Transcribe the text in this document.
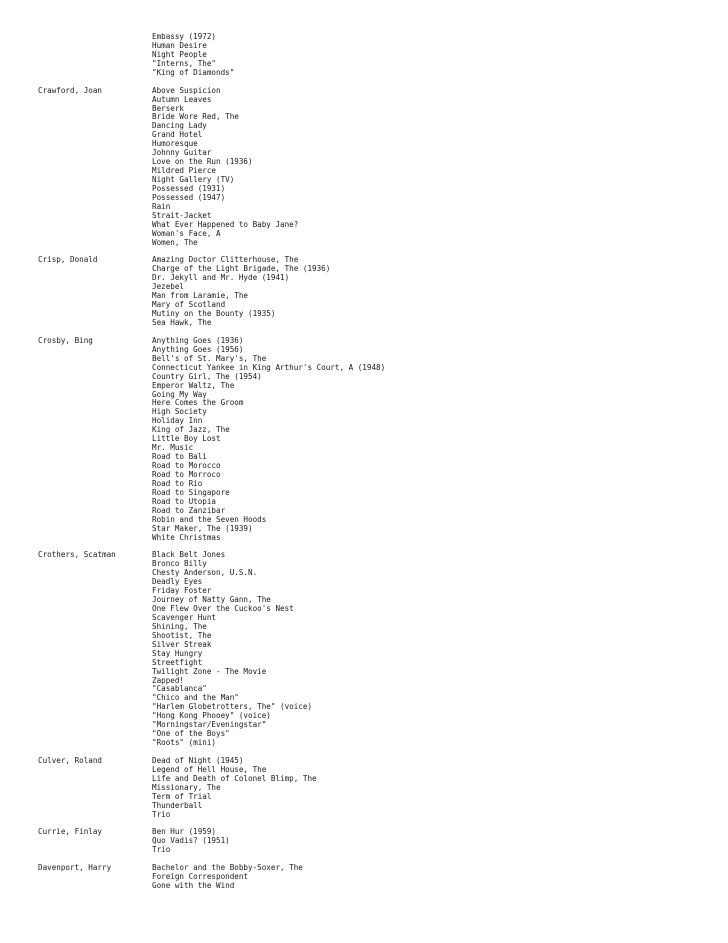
Embassy (1972)
Human Desire
Night People
"Interns, The"
"King of Diamonds"
Crawford, Joan	Above Suspicion
Autumn Leaves
Berserk
Bride Wore Red, The
Dancing Lady
Grand Hotel
Humoresque
Johnny Guitar
Love on the Run (1936)
Mildred Pierce
Night Gallery (TV)
Possessed (1931)
Possessed (1947)
Rain
Strait-Jacket
What Ever Happened to Baby Jane?
Woman's Face, A
Women, The
Crisp, Donald	Amazing Doctor Clitterhouse, The
Charge of the Light Brigade, The (1936)
Dr. Jekyll and Mr. Hyde (1941)
Jezebel
Man from Laramie, The
Mary of Scotland
Mutiny on the Bounty (1935)
Sea Hawk, The
Crosby, Bing	Anything Goes (1936)
Anything Goes (1956)
Bell's of St. Mary's, The
Connecticut Yankee in King Arthur's Court, A (1948)
Country Girl, The (1954)
Emperor Waltz, The
Going My Way
Here Comes the Groom
High Society
Holiday Inn
King of Jazz, The
Little Boy Lost
Mr. Music
Road to Bali
Road to Morocco
Road to Morroco
Road to Rio
Road to Singapore
Road to Utopia
Road to Zanzibar
Robin and the Seven Hoods
Star Maker, The (1939)
White Christmas
Crothers, Scatman	Black Belt Jones
Bronco Billy
Chesty Anderson, U.S.N.
Deadly Eyes
Friday Foster
Journey of Natty Gann, The
One Flew Over the Cuckoo's Nest
Scavenger Hunt
Shining, The
Shootist, The
Silver Streak
Stay Hungry
Streetfight
Twilight Zone - The Movie
Zapped!
"Casablanca"
"Chico and the Man"
"Harlem Globetrotters, The" (voice)
"Hong Kong Phooey" (voice)
"Morningstar/Eveningstar"
"One of the Boys"
"Roots" (mini)
Culver, Roland	Dead of Night (1945)
Legend of Hell House, The
Life and Death of Colonel Blimp, The
Missionary, The
Term of Trial
Thunderball
Trio
Currie, Finlay	Ben Hur (1959)
Quo Vadis? (1951)
Trio
Davenport, Harry	Bachelor and the Bobby-Soxer, The
Foreign Correspondent
Gone with the Wind
